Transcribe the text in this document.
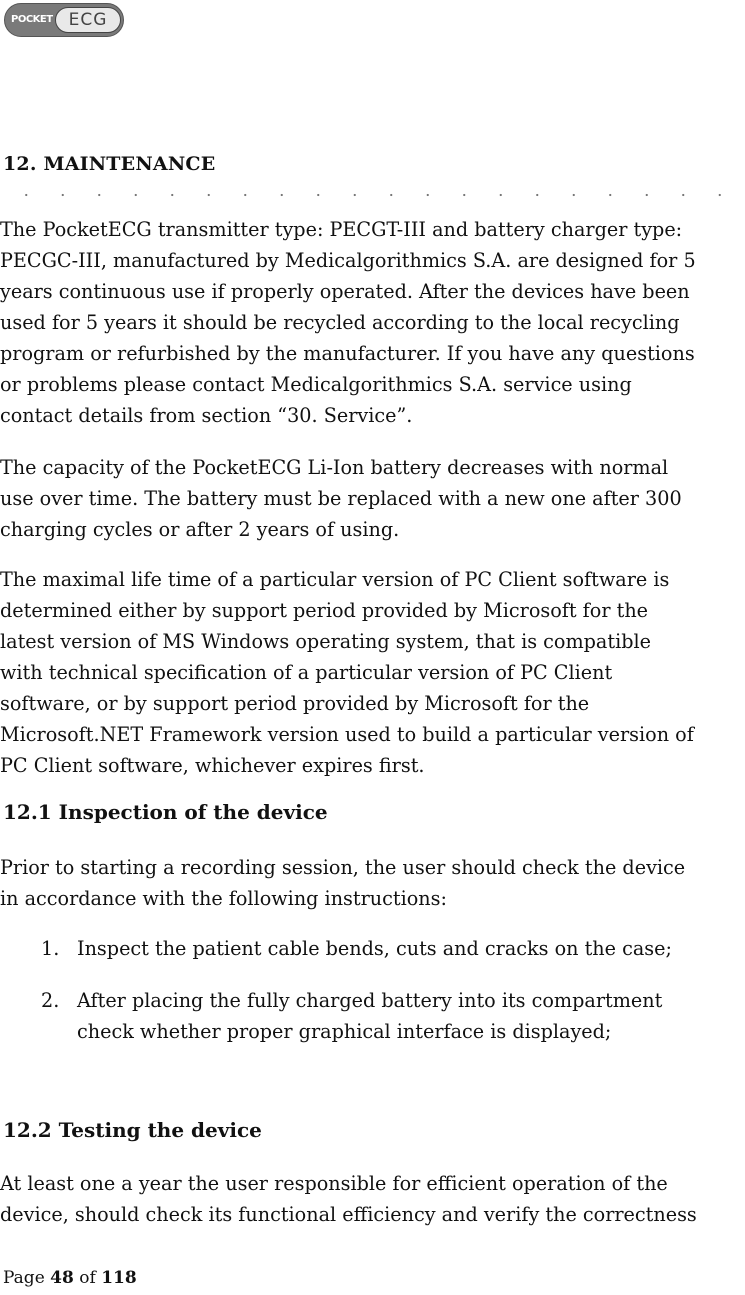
POCKET ECG
12. MAINTENANCE

The PocketECG transmitter type: PECGT-III and battery charger type:
PECGC-III, manufactured by Medicalgorithmics S.A. are designed for 5
years continuous use if properly operated. After the devices have been
used for 5 years it should be recycled according to the local recycling
program or refurbished by the manufacturer. If you have any questions
or problems please contact Medicalgorithmics S.A. service using
contact details from section “30. Service”.

The capacity of the PocketECG Li-Ion battery decreases with normal
use over time. The battery must be replaced with a new one after 300
charging cycles or after 2 years of using.

The maximal life time of a particular version of PC Client software is
determined either by support period provided by Microsoft for the
latest version of MS Windows operating system, that is compatible
with technical specification of a particular version of PC Client
software, or by support period provided by Microsoft for the
Microsoft.NET Framework version used to build a particular version of
PC Client software, whichever expires first.

12.1 Inspection of the device

Prior to starting a recording session, the user should check the device
in accordance with the following instructions:

1. Inspect the patient cable bends, cuts and cracks on the case;
2. After placing the fully charged battery into its compartment
check whether proper graphical interface is displayed;
12.2 Testing the device

At least one a year the user responsible for efficient operation of the
device, should check its functional efficiency and verify the correctness

Page 48 of 118
